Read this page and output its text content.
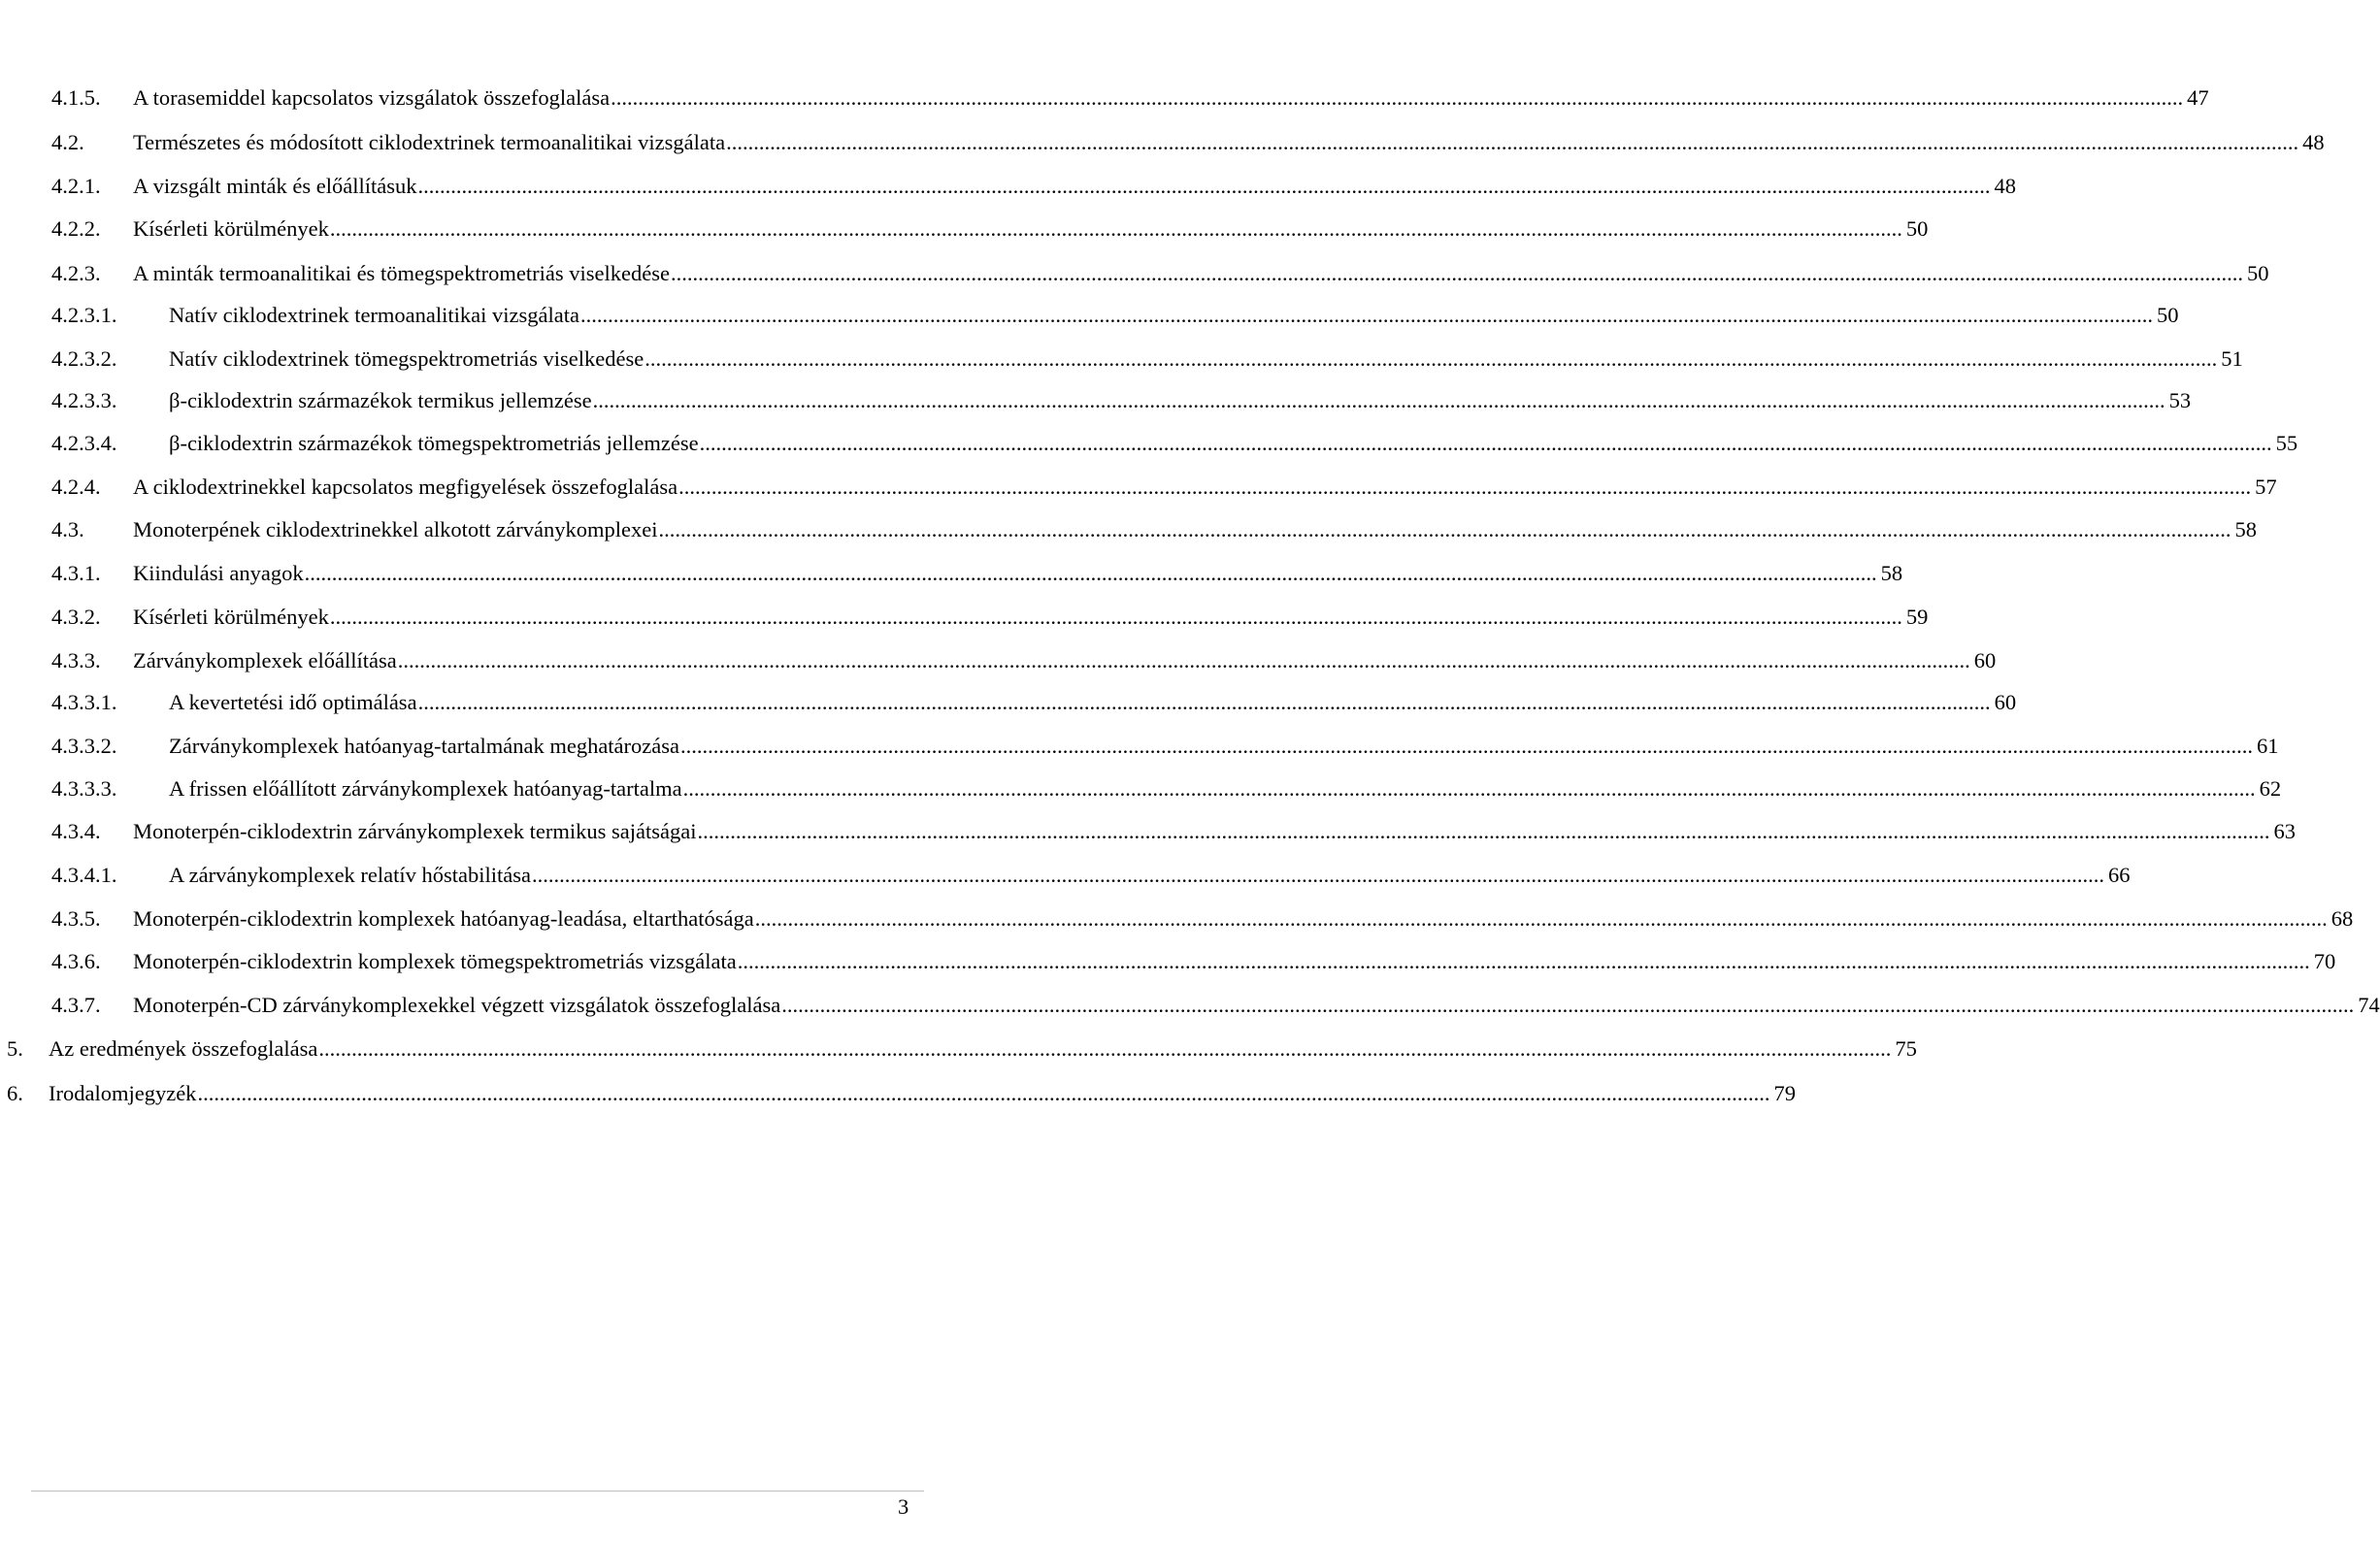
4.1.5. A torasemiddel kapcsolatos vizsgálatok összefoglalása ................................................................................................................................................................................................................................................................................................ 47
4.2. Természetes és módosított ciklodextrinek termoanalitikai vizsgálata ................................................................................................................................................................................................................................................................................................ 48
4.2.1. A vizsgált minták és előállításuk ................................................................................................................................................................................................................................................................................................ 48
4.2.2. Kísérleti körülmények ................................................................................................................................................................................................................................................................................................ 50
4.2.3. A minták termoanalitikai és tömegspektrometriás viselkedése ................................................................................................................................................................................................................................................................................................ 50
4.2.3.1. Natív ciklodextrinek termoanalitikai vizsgálata ................................................................................................................................................................................................................................................................................................ 50
4.2.3.2. Natív ciklodextrinek tömegspektrometriás viselkedése ................................................................................................................................................................................................................................................................................................ 51
4.2.3.3. β-ciklodextrin származékok termikus jellemzése ................................................................................................................................................................................................................................................................................................ 53
4.2.3.4. β-ciklodextrin származékok tömegspektrometriás jellemzése ................................................................................................................................................................................................................................................................................................ 55
4.2.4. A ciklodextrinekkel kapcsolatos megfigyelések összefoglalása ................................................................................................................................................................................................................................................................................................ 57
4.3. Monoterpének ciklodextrinekkel alkotott zárványkomplexei ................................................................................................................................................................................................................................................................................................ 58
4.3.1. Kiindulási anyagok ................................................................................................................................................................................................................................................................................................ 58
4.3.2. Kísérleti körülmények ................................................................................................................................................................................................................................................................................................ 59
4.3.3. Zárványkomplexek előállítása ................................................................................................................................................................................................................................................................................................ 60
4.3.3.1. A kevertetési idő optimálása ................................................................................................................................................................................................................................................................................................ 60
4.3.3.2. Zárványkomplexek hatóanyag-tartalmának meghatározása ................................................................................................................................................................................................................................................................................................ 61
4.3.3.3. A frissen előállított zárványkomplexek hatóanyag-tartalma ................................................................................................................................................................................................................................................................................................ 62
4.3.4. Monoterpén-ciklodextrin zárványkomplexek termikus sajátságai ................................................................................................................................................................................................................................................................................................ 63
4.3.4.1. A zárványkomplexek relatív hőstabilitása ................................................................................................................................................................................................................................................................................................ 66
4.3.5. Monoterpén-ciklodextrin komplexek hatóanyag-leadása, eltarthatósága ................................................................................................................................................................................................................................................................................................ 68
4.3.6. Monoterpén-ciklodextrin komplexek tömegspektrometriás vizsgálata ................................................................................................................................................................................................................................................................................................ 70
4.3.7. Monoterpén-CD zárványkomplexekkel végzett vizsgálatok összefoglalása ................................................................................................................................................................................................................................................................................................ 74
5. Az eredmények összefoglalása ................................................................................................................................................................................................................................................................................................ 75
6. Irodalomjegyzék ................................................................................................................................................................................................................................................................................................ 79
3
